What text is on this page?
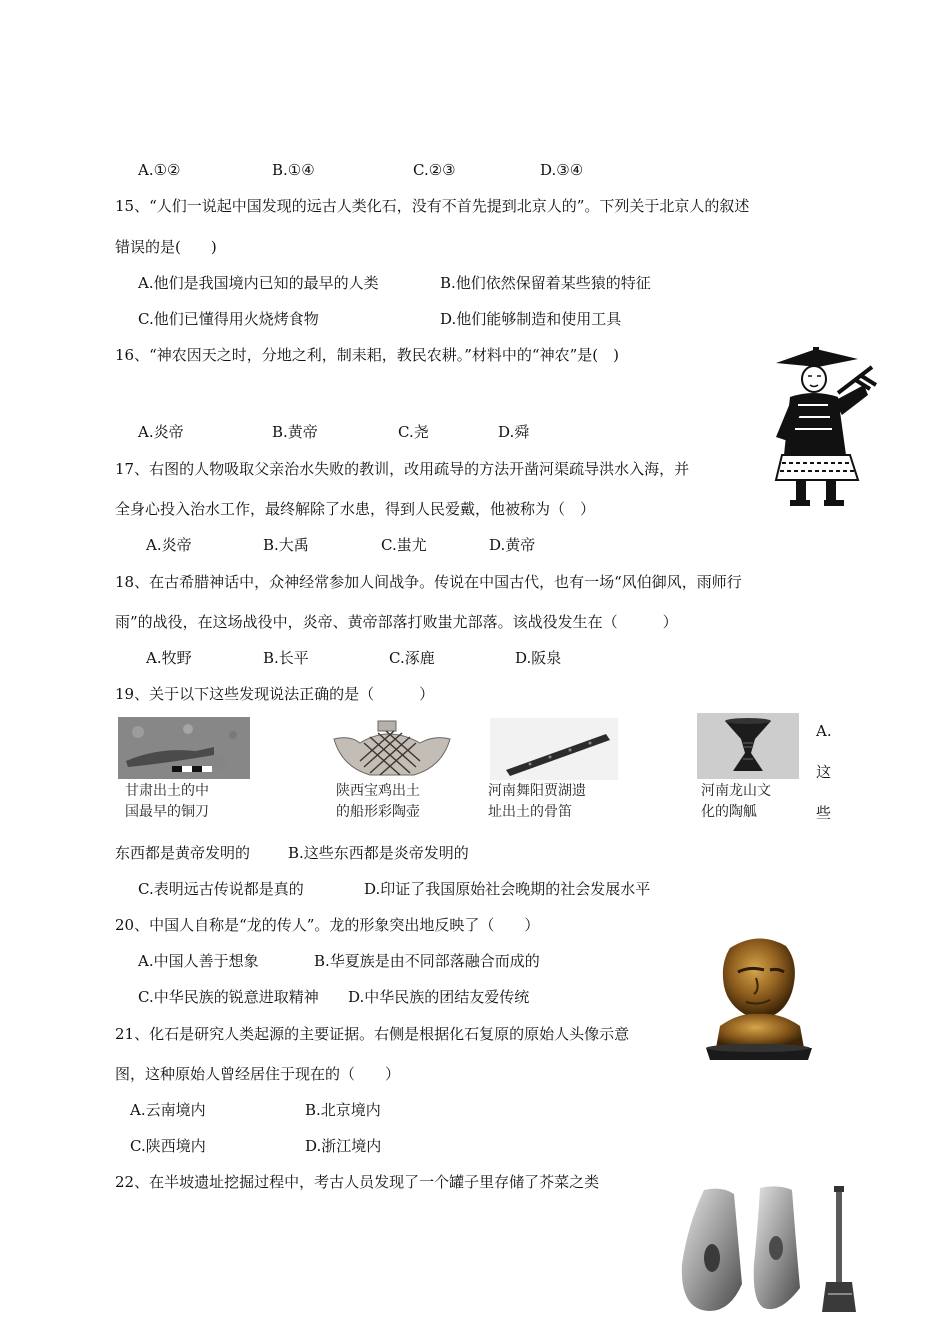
A.①②	B.①④	C.②③	D.③④
15、“人们一说起中国发现的远古人类化石，没有不首先提到北京人的”。下列关于北京人的叙述
错误的是(　　)
A.他们是我国境内已知的最早的人类	B.他们依然保留着某些猿的特征
C.他们已懂得用火烧烤食物	D.他们能够制造和使用工具
16、“神农因天之时，分地之利，制耒耜，教民农耕。”材料中的“神农”是(　)
A.炎帝	B.黄帝	C.尧	D.舜
17、右图的人物吸取父亲治水失败的教训，改用疏导的方法开凿河渠疏导洪水入海，并
全身心投入治水工作，最终解除了水患，得到人民爱戴，他被称为（　）
A.炎帝	B.大禹	C.蚩尤	D.黄帝
18、在古希腊神话中，众神经常参加人间战争。传说在中国古代，也有一场“风伯御风，雨师行
雨”的战役，在这场战役中，炎帝、黄帝部落打败蚩尤部落。该战役发生在（　　　）
A.牧野	B.长平	C.涿鹿	D.阪泉
19、关于以下这些发现说法正确的是（　　　）
甘肃出土的中
国最早的铜刀
陕西宝鸡出土
的船形彩陶壶
河南舞阳贾湖遗
址出土的骨笛
河南龙山文
化的陶觚
A.
这
些
东西都是黄帝发明的	B.这些东西都是炎帝发明的
C.表明远古传说都是真的	D.印证了我国原始社会晚期的社会发展水平
20、中国人自称是“龙的传人”。龙的形象突出地反映了（　　）
A.中国人善于想象	B.华夏族是由不同部落融合而成的
C.中华民族的锐意进取精神 D.中华民族的团结友爱传统
21、化石是研究人类起源的主要证据。右侧是根据化石复原的原始人头像示意
图，这种原始人曾经居住于现在的（　　）
A.云南境内	B.北京境内
C.陕西境内	D.浙江境内
22、在半坡遗址挖掘过程中，考古人员发现了一个罐子里存储了芥菜之类
